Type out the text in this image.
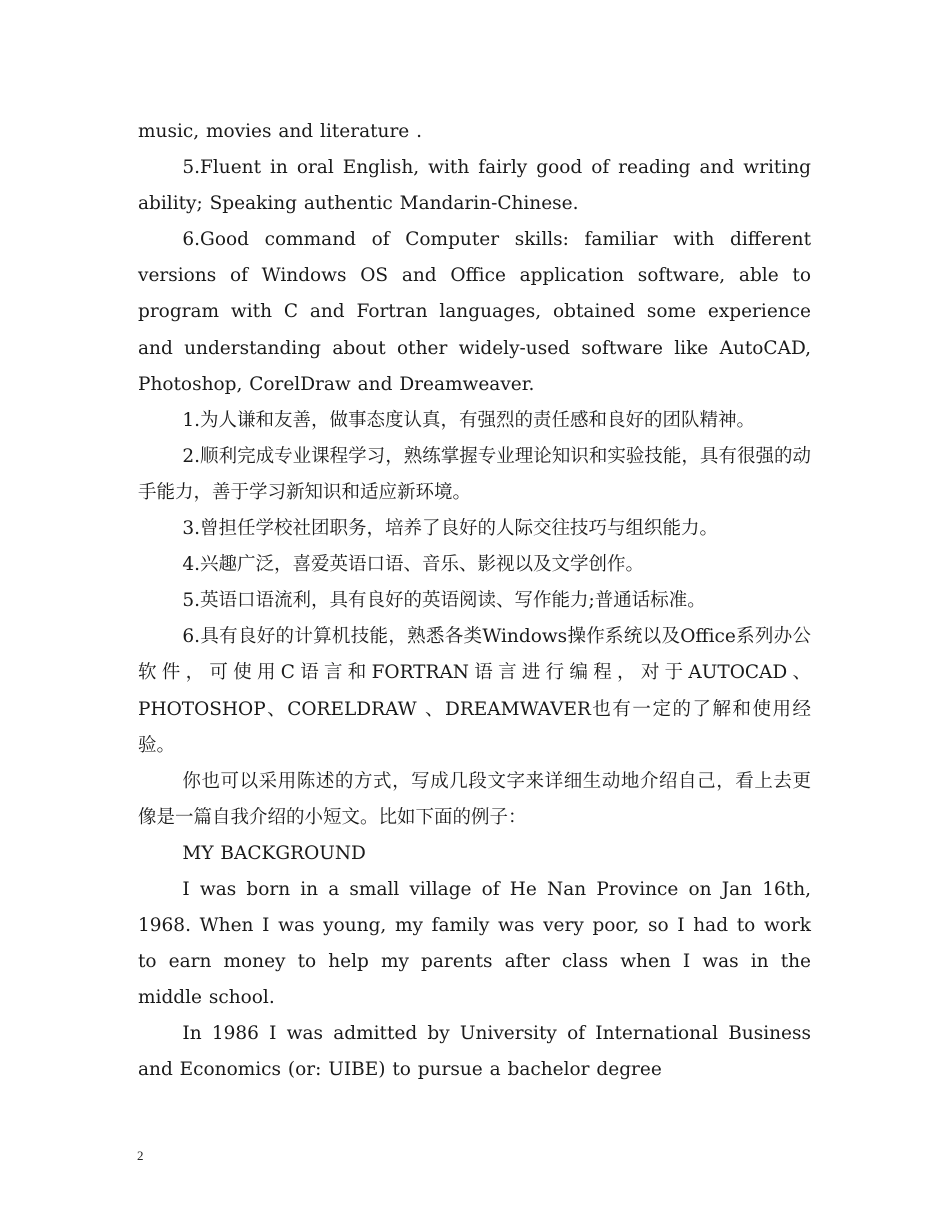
music, movies and literature .

5.Fluent in oral English, with fairly good of reading and writing ability; Speaking authentic Mandarin-Chinese.

6.Good command of Computer skills: familiar with different versions of Windows OS and Office application software, able to program with C and Fortran languages, obtained some experience and understanding about other widely-used software like AutoCAD, Photoshop, CorelDraw and Dreamweaver.

1.为人谦和友善，做事态度认真，有强烈的责任感和良好的团队精神。

2.顺利完成专业课程学习，熟练掌握专业理论知识和实验技能，具有很强的动手能力，善于学习新知识和适应新环境。

3.曾担任学校社团职务，培养了良好的人际交往技巧与组织能力。

4.兴趣广泛，喜爱英语口语、音乐、影视以及文学创作。

5.英语口语流利，具有良好的英语阅读、写作能力;普通话标准。

6.具有良好的计算机技能，熟悉各类Windows操作系统以及Office系列办公软件，可使用C语言和FORTRAN语言进行编程，对于AUTOCAD、PHOTOSHOP、CORELDRAW 、DREAMWAVER也有一定的了解和使用经验。

你也可以采用陈述的方式，写成几段文字来详细生动地介绍自己，看上去更像是一篇自我介绍的小短文。比如下面的例子：

MY BACKGROUND

I was born in a small village of He Nan Province on Jan 16th, 1968. When I was young, my family was very poor, so I had to work to earn money to help my parents after class when I was in the middle school.

In 1986 I was admitted by University of International Business and Economics (or: UIBE) to pursue a bachelor degree

2
